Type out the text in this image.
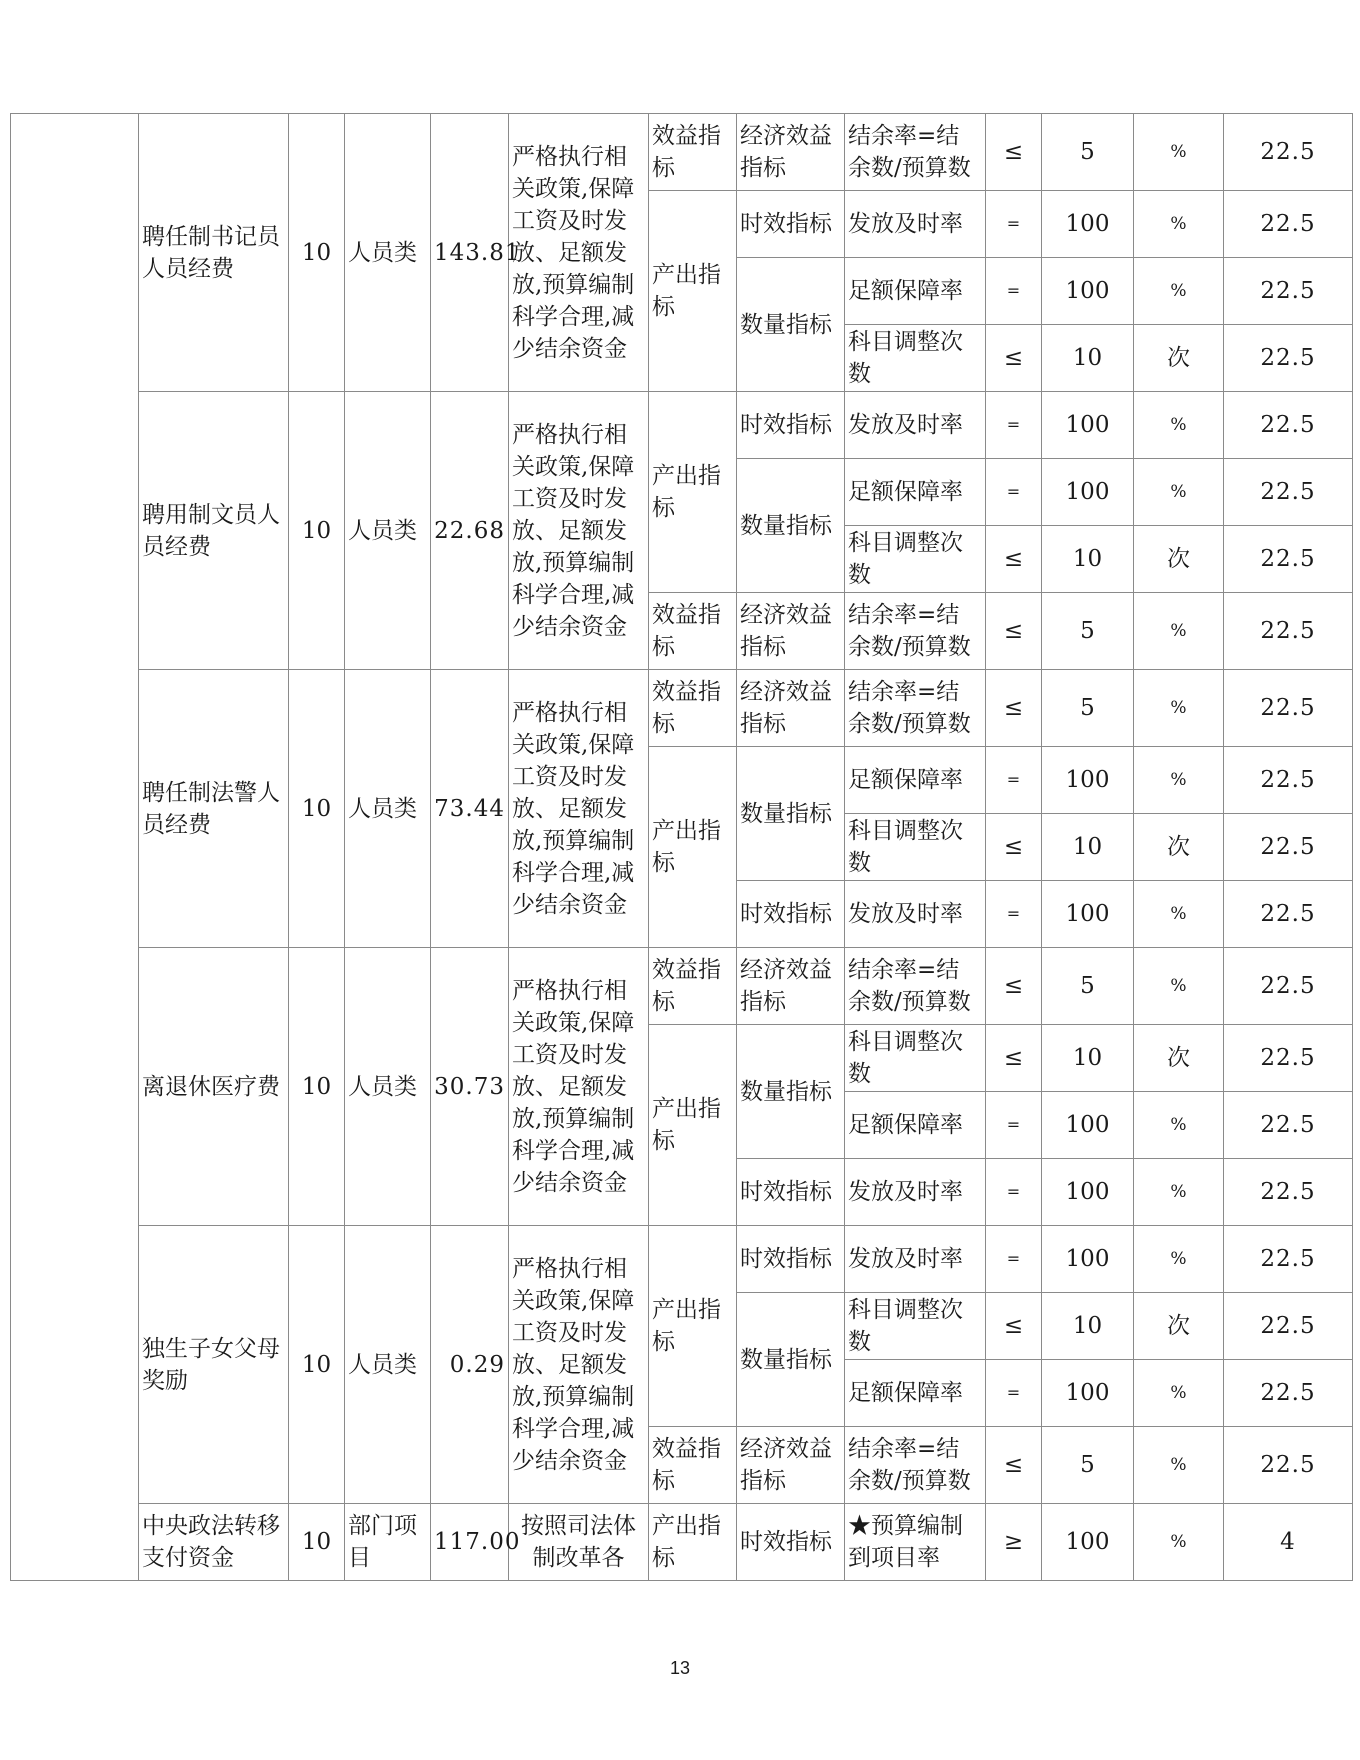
	聘任制书记员人员经费	10	人员类	143.81	严格执行相关政策,保障工资及时发放、足额发放,预算编制科学合理,减少结余资金	效益指标	经济效益指标	结余率=结余数/预算数	≤	5	%	22.5
						产出指标	时效指标	发放及时率	=	100	%	22.5
							数量指标	足额保障率	=	100	%	22.5
								科目调整次数	≤	10	次	22.5
	聘用制文员人员经费	10	人员类	22.68	严格执行相关政策,保障工资及时发放、足额发放,预算编制科学合理,减少结余资金	产出指标	时效指标	发放及时率	=	100	%	22.5
							数量指标	足额保障率	=	100	%	22.5
								科目调整次数	≤	10	次	22.5
						效益指标	经济效益指标	结余率=结余数/预算数	≤	5	%	22.5
	聘任制法警人员经费	10	人员类	73.44	严格执行相关政策,保障工资及时发放、足额发放,预算编制科学合理,减少结余资金	效益指标	经济效益指标	结余率=结余数/预算数	≤	5	%	22.5
						产出指标	数量指标	足额保障率	=	100	%	22.5
								科目调整次数	≤	10	次	22.5
							时效指标	发放及时率	=	100	%	22.5
	离退休医疗费	10	人员类	30.73	严格执行相关政策,保障工资及时发放、足额发放,预算编制科学合理,减少结余资金	效益指标	经济效益指标	结余率=结余数/预算数	≤	5	%	22.5
						产出指标	数量指标	科目调整次数	≤	10	次	22.5
								足额保障率	=	100	%	22.5
							时效指标	发放及时率	=	100	%	22.5
	独生子女父母奖励	10	人员类	0.29	严格执行相关政策,保障工资及时发放、足额发放,预算编制科学合理,减少结余资金	产出指标	时效指标	发放及时率	=	100	%	22.5
							数量指标	科目调整次数	≤	10	次	22.5
								足额保障率	=	100	%	22.5
						效益指标	经济效益指标	结余率=结余数/预算数	≤	5	%	22.5
	中央政法转移支付资金	10	部门项目	117.00	按照司法体制改革各	产出指标	时效指标	★预算编制到项目率	≥	100	%	4
13
